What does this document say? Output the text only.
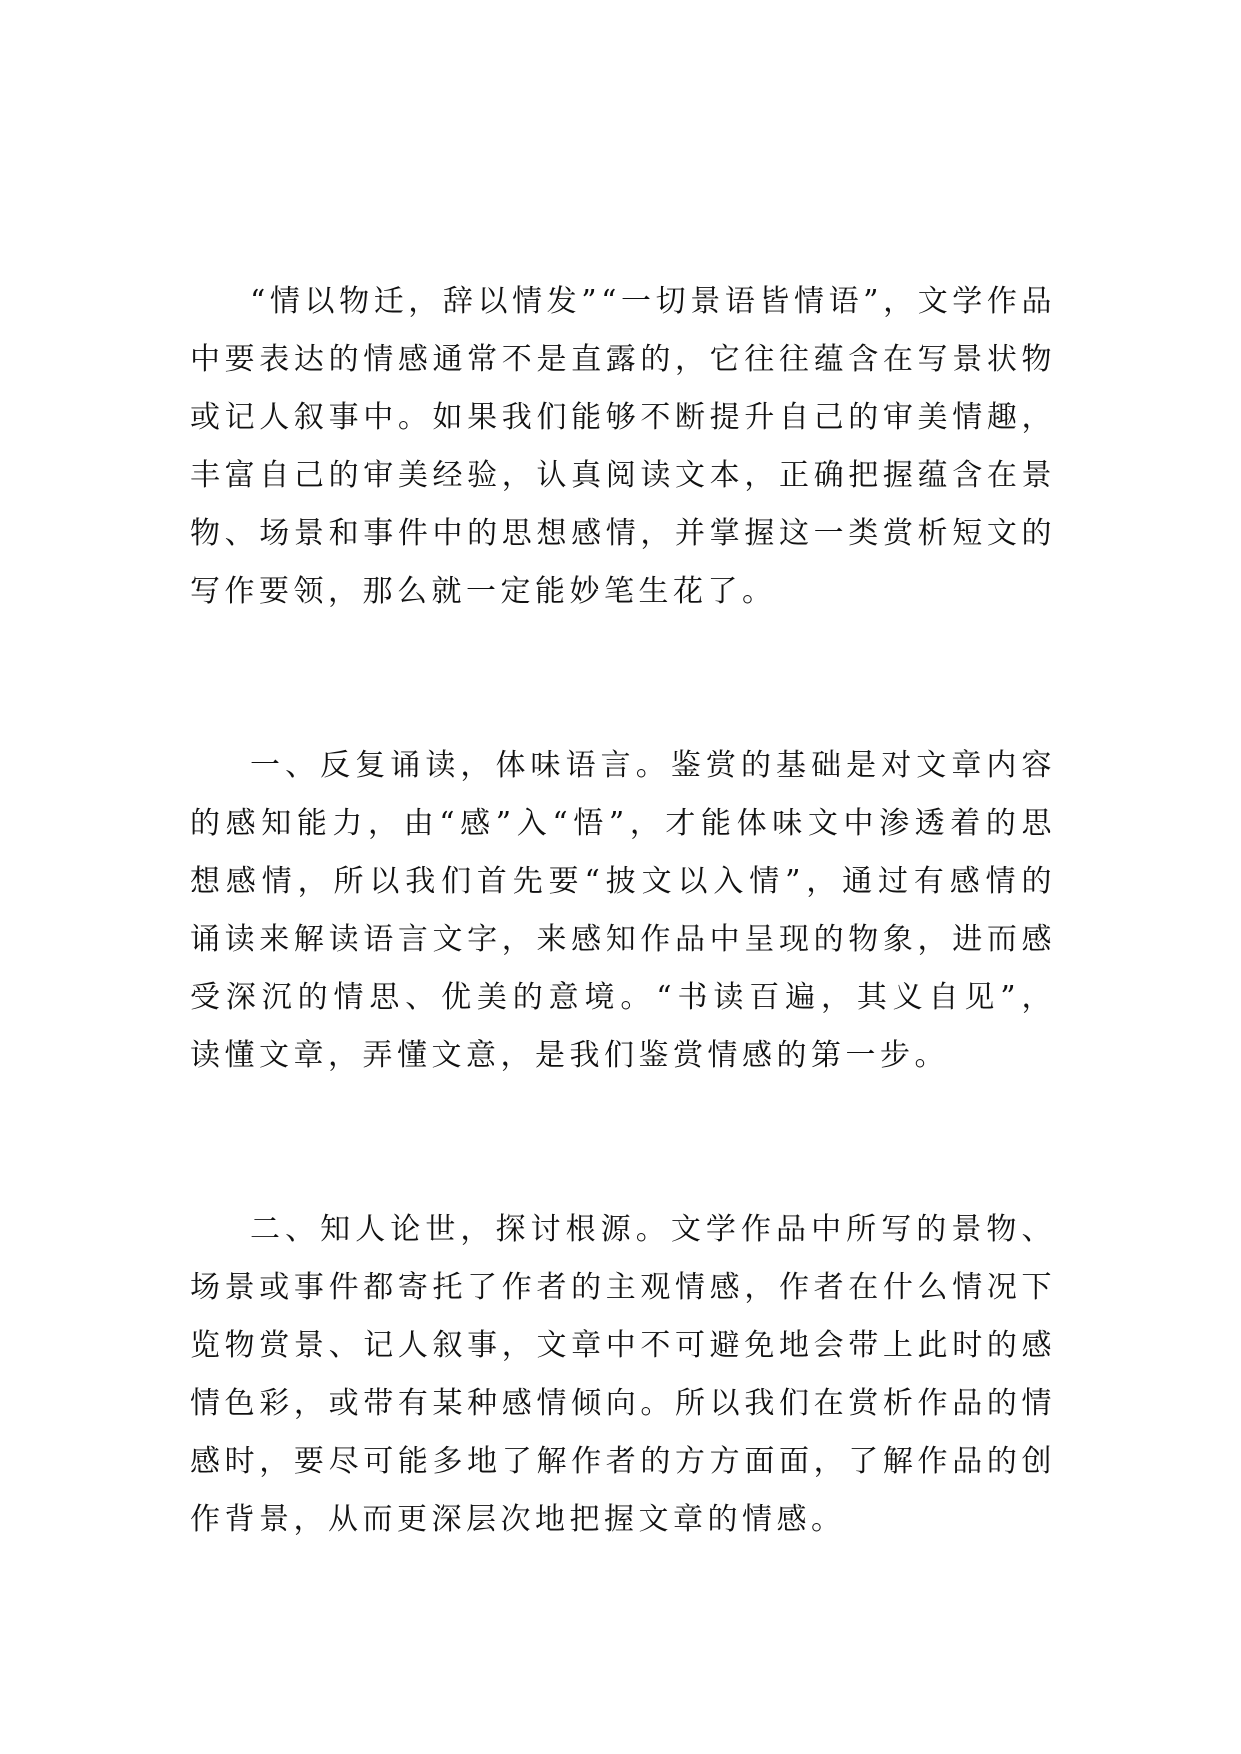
“情以物迁，辞以情发”“一切景语皆情语”，文学作品中要表达的情感通常不是直露的，它往往蕴含在写景状物或记人叙事中。如果我们能够不断提升自己的审美情趣，丰富自己的审美经验，认真阅读文本，正确把握蕴含在景物、场景和事件中的思想感情，并掌握这一类赏析短文的写作要领，那么就一定能妙笔生花了。

一、反复诵读，体味语言。鉴赏的基础是对文章内容的感知能力，由“感”入“悟”，才能体味文中渗透着的思想感情，所以我们首先要“披文以入情”，通过有感情的诵读来解读语言文字，来感知作品中呈现的物象，进而感受深沉的情思、优美的意境。“书读百遍，其义自见”，读懂文章，弄懂文意，是我们鉴赏情感的第一步。

二、知人论世，探讨根源。文学作品中所写的景物、场景或事件都寄托了作者的主观情感，作者在什么情况下览物赏景、记人叙事，文章中不可避免地会带上此时的感情色彩，或带有某种感情倾向。所以我们在赏析作品的情感时，要尽可能多地了解作者的方方面面，了解作品的创作背景，从而更深层次地把握文章的情感。
